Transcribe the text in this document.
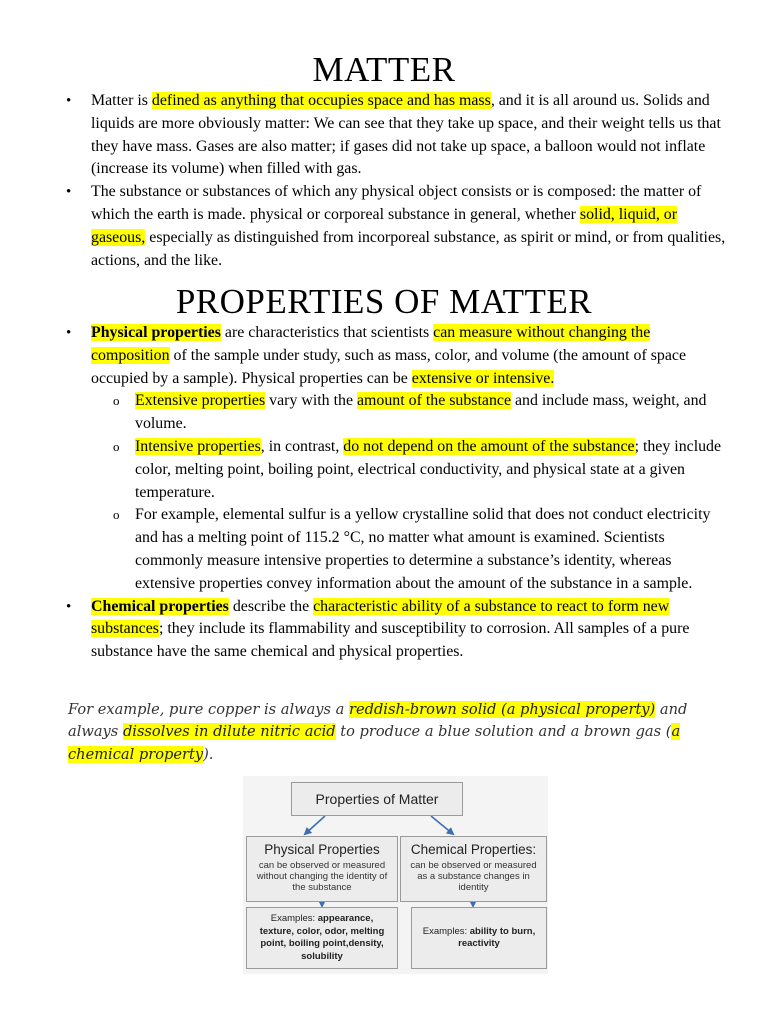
MATTER
• Matter is defined as anything that occupies space and has mass, and it is all around us. Solids and liquids are more obviously matter: We can see that they take up space, and their weight tells us that they have mass. Gases are also matter; if gases did not take up space, a balloon would not inflate (increase its volume) when filled with gas.
• The substance or substances of which any physical object consists or is composed: the matter of which the earth is made. physical or corporeal substance in general, whether solid, liquid, or gaseous, especially as distinguished from incorporeal substance, as spirit or mind, or from qualities, actions, and the like.
PROPERTIES OF MATTER
• Physical properties are characteristics that scientists can measure without changing the composition of the sample under study, such as mass, color, and volume (the amount of space occupied by a sample). Physical properties can be extensive or intensive.
o Extensive properties vary with the amount of the substance and include mass, weight, and volume.
o Intensive properties, in contrast, do not depend on the amount of the substance; they include color, melting point, boiling point, electrical conductivity, and physical state at a given temperature.
o For example, elemental sulfur is a yellow crystalline solid that does not conduct electricity and has a melting point of 115.2 °C, no matter what amount is examined. Scientists commonly measure intensive properties to determine a substance’s identity, whereas extensive properties convey information about the amount of the substance in a sample.
• Chemical properties describe the characteristic ability of a substance to react to form new substances; they include its flammability and susceptibility to corrosion. All samples of a pure substance have the same chemical and physical properties.

For example, pure copper is always a reddish-brown solid (a physical property) and always dissolves in dilute nitric acid to produce a blue solution and a brown gas (a chemical property).

Properties of Matter
Physical Properties
can be observed or measured without changing the identity of the substance
Chemical Properties:
can be observed or measured as a substance changes in identity
Examples: appearance, texture, color, odor, melting point, boiling point,density, solubility
Examples: ability to burn, reactivity
